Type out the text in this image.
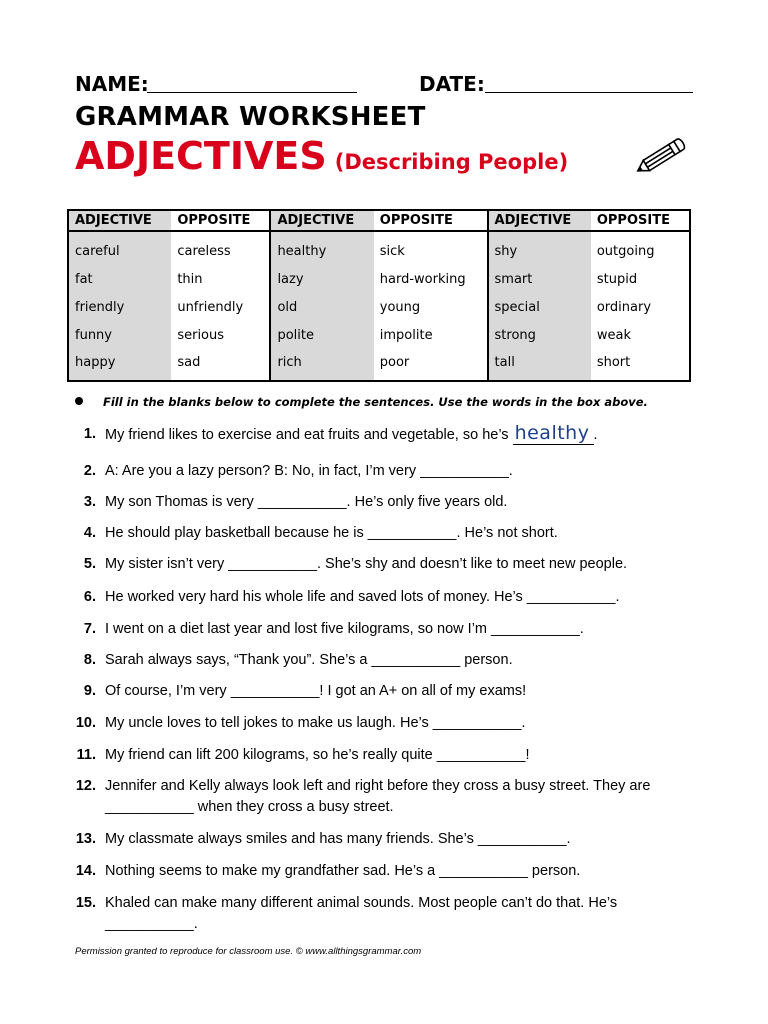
NAME:	DATE:
GRAMMAR WORKSHEET
ADJECTIVES (Describing People)
ADJECTIVE	OPPOSITE	ADJECTIVE	OPPOSITE	ADJECTIVE	OPPOSITE
careful	careless	healthy	sick	shy	outgoing
fat	thin	lazy	hard-working	smart	stupid
friendly	unfriendly	old	young	special	ordinary
funny	serious	polite	impolite	strong	weak
happy	sad	rich	poor	tall	short
Fill in the blanks below to complete the sentences. Use the words in the box above.
1. My friend likes to exercise and eat fruits and vegetable, so he’s healthy .
2. A: Are you a lazy person? B: No, in fact, I’m very ___________.
3. My son Thomas is very ___________. He’s only five years old.
4. He should play basketball because he is ___________. He’s not short.
5. My sister isn’t very ___________. She’s shy and doesn’t like to meet new people.
6. He worked very hard his whole life and saved lots of money. He’s ___________.
7. I went on a diet last year and lost five kilograms, so now I’m ___________.
8. Sarah always says, “Thank you”. She’s a ___________ person.
9. Of course, I’m very ___________! I got an A+ on all of my exams!
10. My uncle loves to tell jokes to make us laugh. He’s ___________.
11. My friend can lift 200 kilograms, so he’s really quite ___________!
12. Jennifer and Kelly always look left and right before they cross a busy street. They are ___________ when they cross a busy street.
13. My classmate always smiles and has many friends. She’s ___________.
14. Nothing seems to make my grandfather sad. He’s a ___________ person.
15. Khaled can make many different animal sounds. Most people can’t do that. He’s ___________.
Permission granted to reproduce for classroom use. © www.allthingsgrammar.com
